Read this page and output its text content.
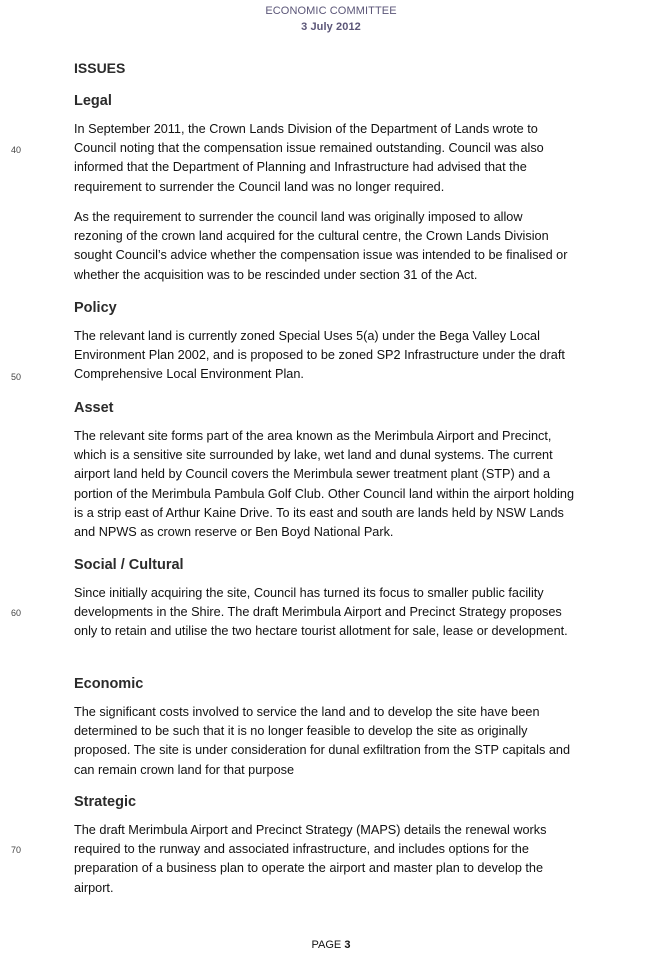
ECONOMIC COMMITTEE
3 July 2012
40
50
60
70
ISSUES
Legal

In September 2011, the Crown Lands Division of the Department of Lands wrote to Council noting that the compensation issue remained outstanding. Council was also informed that the Department of Planning and Infrastructure had advised that the requirement to surrender the Council land was no longer required.

As the requirement to surrender the council land was originally imposed to allow rezoning of the crown land acquired for the cultural centre, the Crown Lands Division sought Council’s advice whether the compensation issue was intended to be finalised or whether the acquisition was to be rescinded under section 31 of the Act.

Policy

The relevant land is currently zoned Special Uses 5(a) under the Bega Valley Local Environment Plan 2002, and is proposed to be zoned SP2 Infrastructure under the draft Comprehensive Local Environment Plan.

Asset

The relevant site forms part of the area known as the Merimbula Airport and Precinct, which is a sensitive site surrounded by lake, wet land and dunal systems. The current airport land held by Council covers the Merimbula sewer treatment plant (STP) and a portion of the Merimbula Pambula Golf Club. Other Council land within the airport holding is a strip east of Arthur Kaine Drive. To its east and south are lands held by NSW Lands and NPWS as crown reserve or Ben Boyd National Park.

Social / Cultural

Since initially acquiring the site, Council has turned its focus to smaller public facility developments in the Shire. The draft Merimbula Airport and Precinct Strategy proposes only to retain and utilise the two hectare tourist allotment for sale, lease or development.

Economic

The significant costs involved to service the land and to develop the site have been determined to be such that it is no longer feasible to develop the site as originally proposed. The site is under consideration for dunal exfiltration from the STP capitals and can remain crown land for that purpose

Strategic

The draft Merimbula Airport and Precinct Strategy (MAPS) details the renewal works required to the runway and associated infrastructure, and includes options for the preparation of a business plan to operate the airport and master plan to develop the airport.

PAGE 3
